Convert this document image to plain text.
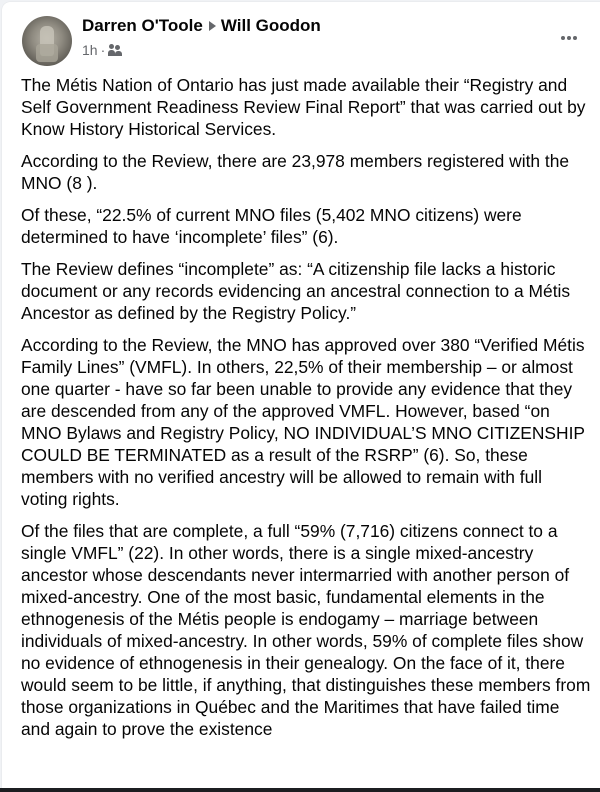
Darren O'Toole Will Goodon
1h ·

The Métis Nation of Ontario has just made available their “Registry and Self Government Readiness Review Final Report” that was carried out by Know History Historical Services.

According to the Review, there are 23,978 members registered with the MNO (8 ).

Of these, “22.5% of current MNO files (5,402 MNO citizens) were determined to have ‘incomplete’ files” (6).

The Review defines “incomplete” as: “A citizenship file lacks a historic document or any records evidencing an ancestral connection to a Métis Ancestor as defined by the Registry Policy.”

According to the Review, the MNO has approved over 380 “Verified Métis Family Lines” (VMFL). In others, 22,5% of their membership – or almost one quarter - have so far been unable to provide any evidence that they are descended from any of the approved VMFL. However, based “on MNO Bylaws and Registry Policy, NO INDIVIDUAL’S MNO CITIZENSHIP COULD BE TERMINATED as a result of the RSRP” (6). So, these members with no verified ancestry will be allowed to remain with full voting rights.

Of the files that are complete, a full “59% (7,716) citizens connect to a single VMFL” (22). In other words, there is a single mixed-ancestry ancestor whose descendants never intermarried with another person of mixed-ancestry. One of the most basic, fundamental elements in the ethnogenesis of the Métis people is endogamy – marriage between individuals of mixed-ancestry. In other words, 59% of complete files show no evidence of ethnogenesis in their genealogy. On the face of it, there would seem to be little, if anything, that distinguishes these members from those organizations in Québec and the Maritimes that have failed time and again to prove the existence
